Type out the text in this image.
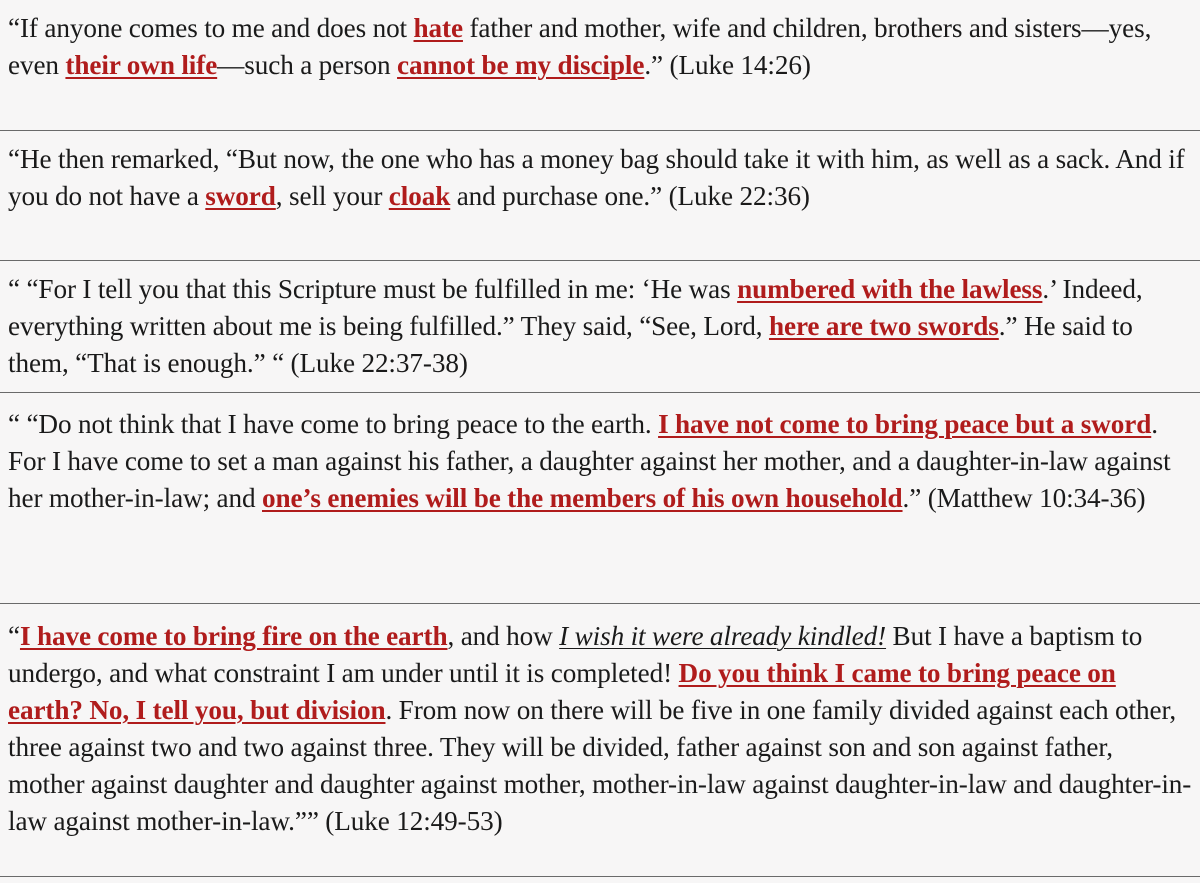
“If anyone comes to me and does not hate father and mother, wife and children, brothers and sisters—yes, even their own life—such a person cannot be my disciple.” (Luke 14:26)
“He then remarked, “But now, the one who has a money bag should take it with him, as well as a sack. And if you do not have a sword, sell your cloak and purchase one.” (Luke 22:36)
“ “For I tell you that this Scripture must be fulfilled in me: ‘He was numbered with the lawless.’ Indeed, everything written about me is being fulfilled.” They said, “See, Lord, here are two swords.” He said to them, “That is enough.” “ (Luke 22:37-38)
“ “Do not think that I have come to bring peace to the earth. I have not come to bring peace but a sword. For I have come to set a man against his father, a daughter against her mother, and a daughter-in-law against her mother-in-law; and one’s enemies will be the members of his own household.” (Matthew 10:34-36)
“I have come to bring fire on the earth, and how I wish it were already kindled! But I have a baptism to undergo, and what constraint I am under until it is completed! Do you think I came to bring peace on earth? No, I tell you, but division. From now on there will be five in one family divided against each other, three against two and two against three. They will be divided, father against son and son against father, mother against daughter and daughter against mother, mother-in-law against daughter-in-law and daughter-in-law against mother-in-law.”” (Luke 12:49-53)
